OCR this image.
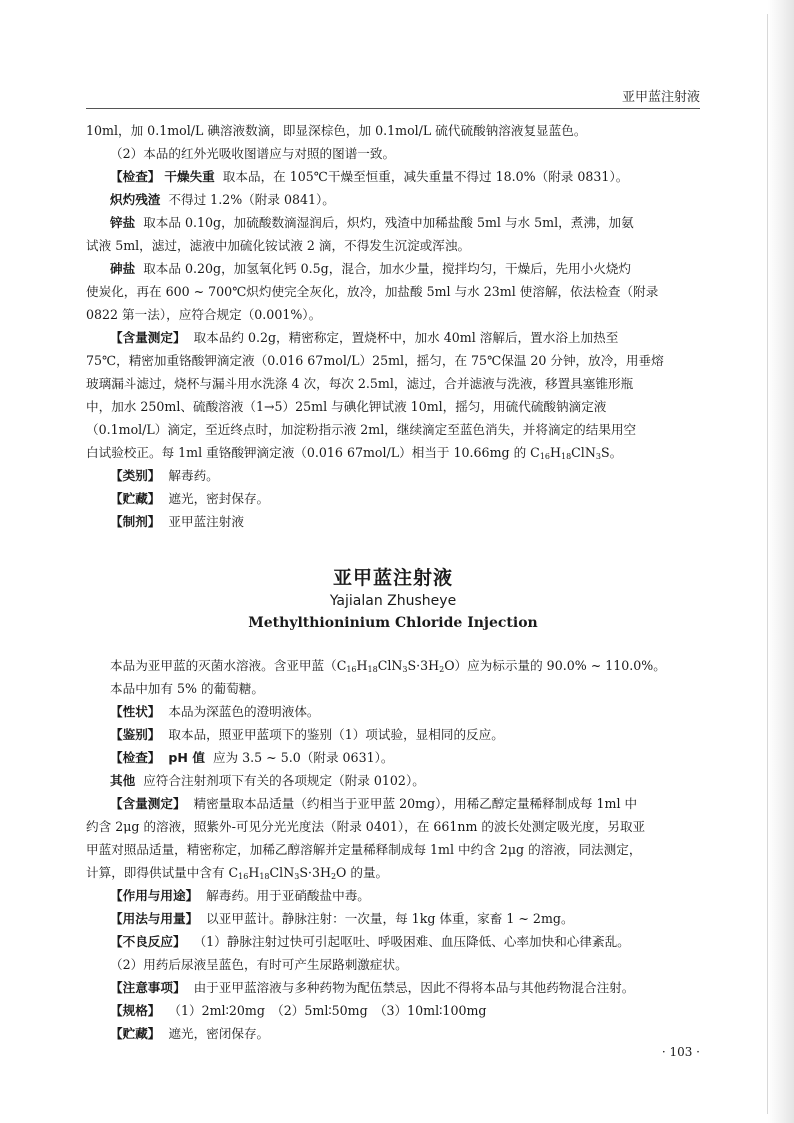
亚甲蓝注射液
10ml，加 0.1mol/L 碘溶液数滴，即显深棕色，加 0.1mol/L 硫代硫酸钠溶液复显蓝色。
（2）本品的红外光吸收图谱应与对照的图谱一致。
【检查】 干燥失重 取本品，在 105℃干燥至恒重，减失重量不得过 18.0%（附录 0831）。
炽灼残渣 不得过 1.2%（附录 0841）。
锌盐 取本品 0.10g，加硫酸数滴湿润后，炽灼，残渣中加稀盐酸 5ml 与水 5ml，煮沸，加氨
试液 5ml，滤过，滤液中加硫化铵试液 2 滴，不得发生沉淀或浑浊。
砷盐 取本品 0.20g，加氢氧化钙 0.5g，混合，加水少量，搅拌均匀，干燥后，先用小火烧灼
使炭化，再在 600 ~ 700℃炽灼使完全灰化，放冷，加盐酸 5ml 与水 23ml 使溶解，依法检查（附录
0822 第一法），应符合规定（0.001%）。
【含量测定】 取本品约 0.2g，精密称定，置烧杯中，加水 40ml 溶解后，置水浴上加热至
75℃，精密加重铬酸钾滴定液（0.016 67mol/L）25ml，摇匀，在 75℃保温 20 分钟，放冷，用垂熔
玻璃漏斗滤过，烧杯与漏斗用水洗涤 4 次，每次 2.5ml，滤过，合并滤液与洗液，移置具塞锥形瓶
中，加水 250ml、硫酸溶液（1→5）25ml 与碘化钾试液 10ml，摇匀，用硫代硫酸钠滴定液
（0.1mol/L）滴定，至近终点时，加淀粉指示液 2ml，继续滴定至蓝色消失，并将滴定的结果用空
白试验校正。每 1ml 重铬酸钾滴定液（0.016 67mol/L）相当于 10.66mg 的 $C_{16}H_{18}ClN_3S$。
【类别】 解毒药。
【贮藏】 遮光，密封保存。
【制剂】 亚甲蓝注射液
亚甲蓝注射液
Yajialan Zhusheye
Methylthioninium Chloride Injection
本品为亚甲蓝的灭菌水溶液。含亚甲蓝$(C_{16}H_{18}ClN_3S\cdot 3H_2O)$应为标示量的 90.0% ~ 110.0%。
本品中加有 5% 的葡萄糖。
【性状】 本品为深蓝色的澄明液体。
【鉴别】 取本品，照亚甲蓝项下的鉴别（1）项试验，显相同的反应。
【检查】 pH 值 应为 3.5 ~ 5.0（附录 0631）。
其他 应符合注射剂项下有关的各项规定（附录 0102）。
【含量测定】 精密量取本品适量（约相当于亚甲蓝 20mg），用稀乙醇定量稀释制成每 1ml 中
约含 2μg 的溶液，照紫外-可见分光光度法（附录 0401），在 661nm 的波长处测定吸光度，另取亚
甲蓝对照品适量，精密称定，加稀乙醇溶解并定量稀释制成每 1ml 中约含 2μg 的溶液，同法测定，
计算，即得供试量中含有 $C_{16}H_{18}ClN_3S\cdot 3H_2O$ 的量。
【作用与用途】 解毒药。用于亚硝酸盐中毒。
【用法与用量】 以亚甲蓝计。静脉注射：一次量，每 1kg 体重，家畜 1 ~ 2mg。
【不良反应】 （1）静脉注射过快可引起呕吐、呼吸困难、血压降低、心率加快和心律紊乱。
（2）用药后尿液呈蓝色，有时可产生尿路刺激症状。
【注意事项】 由于亚甲蓝溶液与多种药物为配伍禁忌，因此不得将本品与其他药物混合注射。
【规格】 （1）2ml∶20mg　（2）5ml∶50mg　（3）10ml∶100mg
【贮藏】 遮光，密闭保存。
· 103 ·
